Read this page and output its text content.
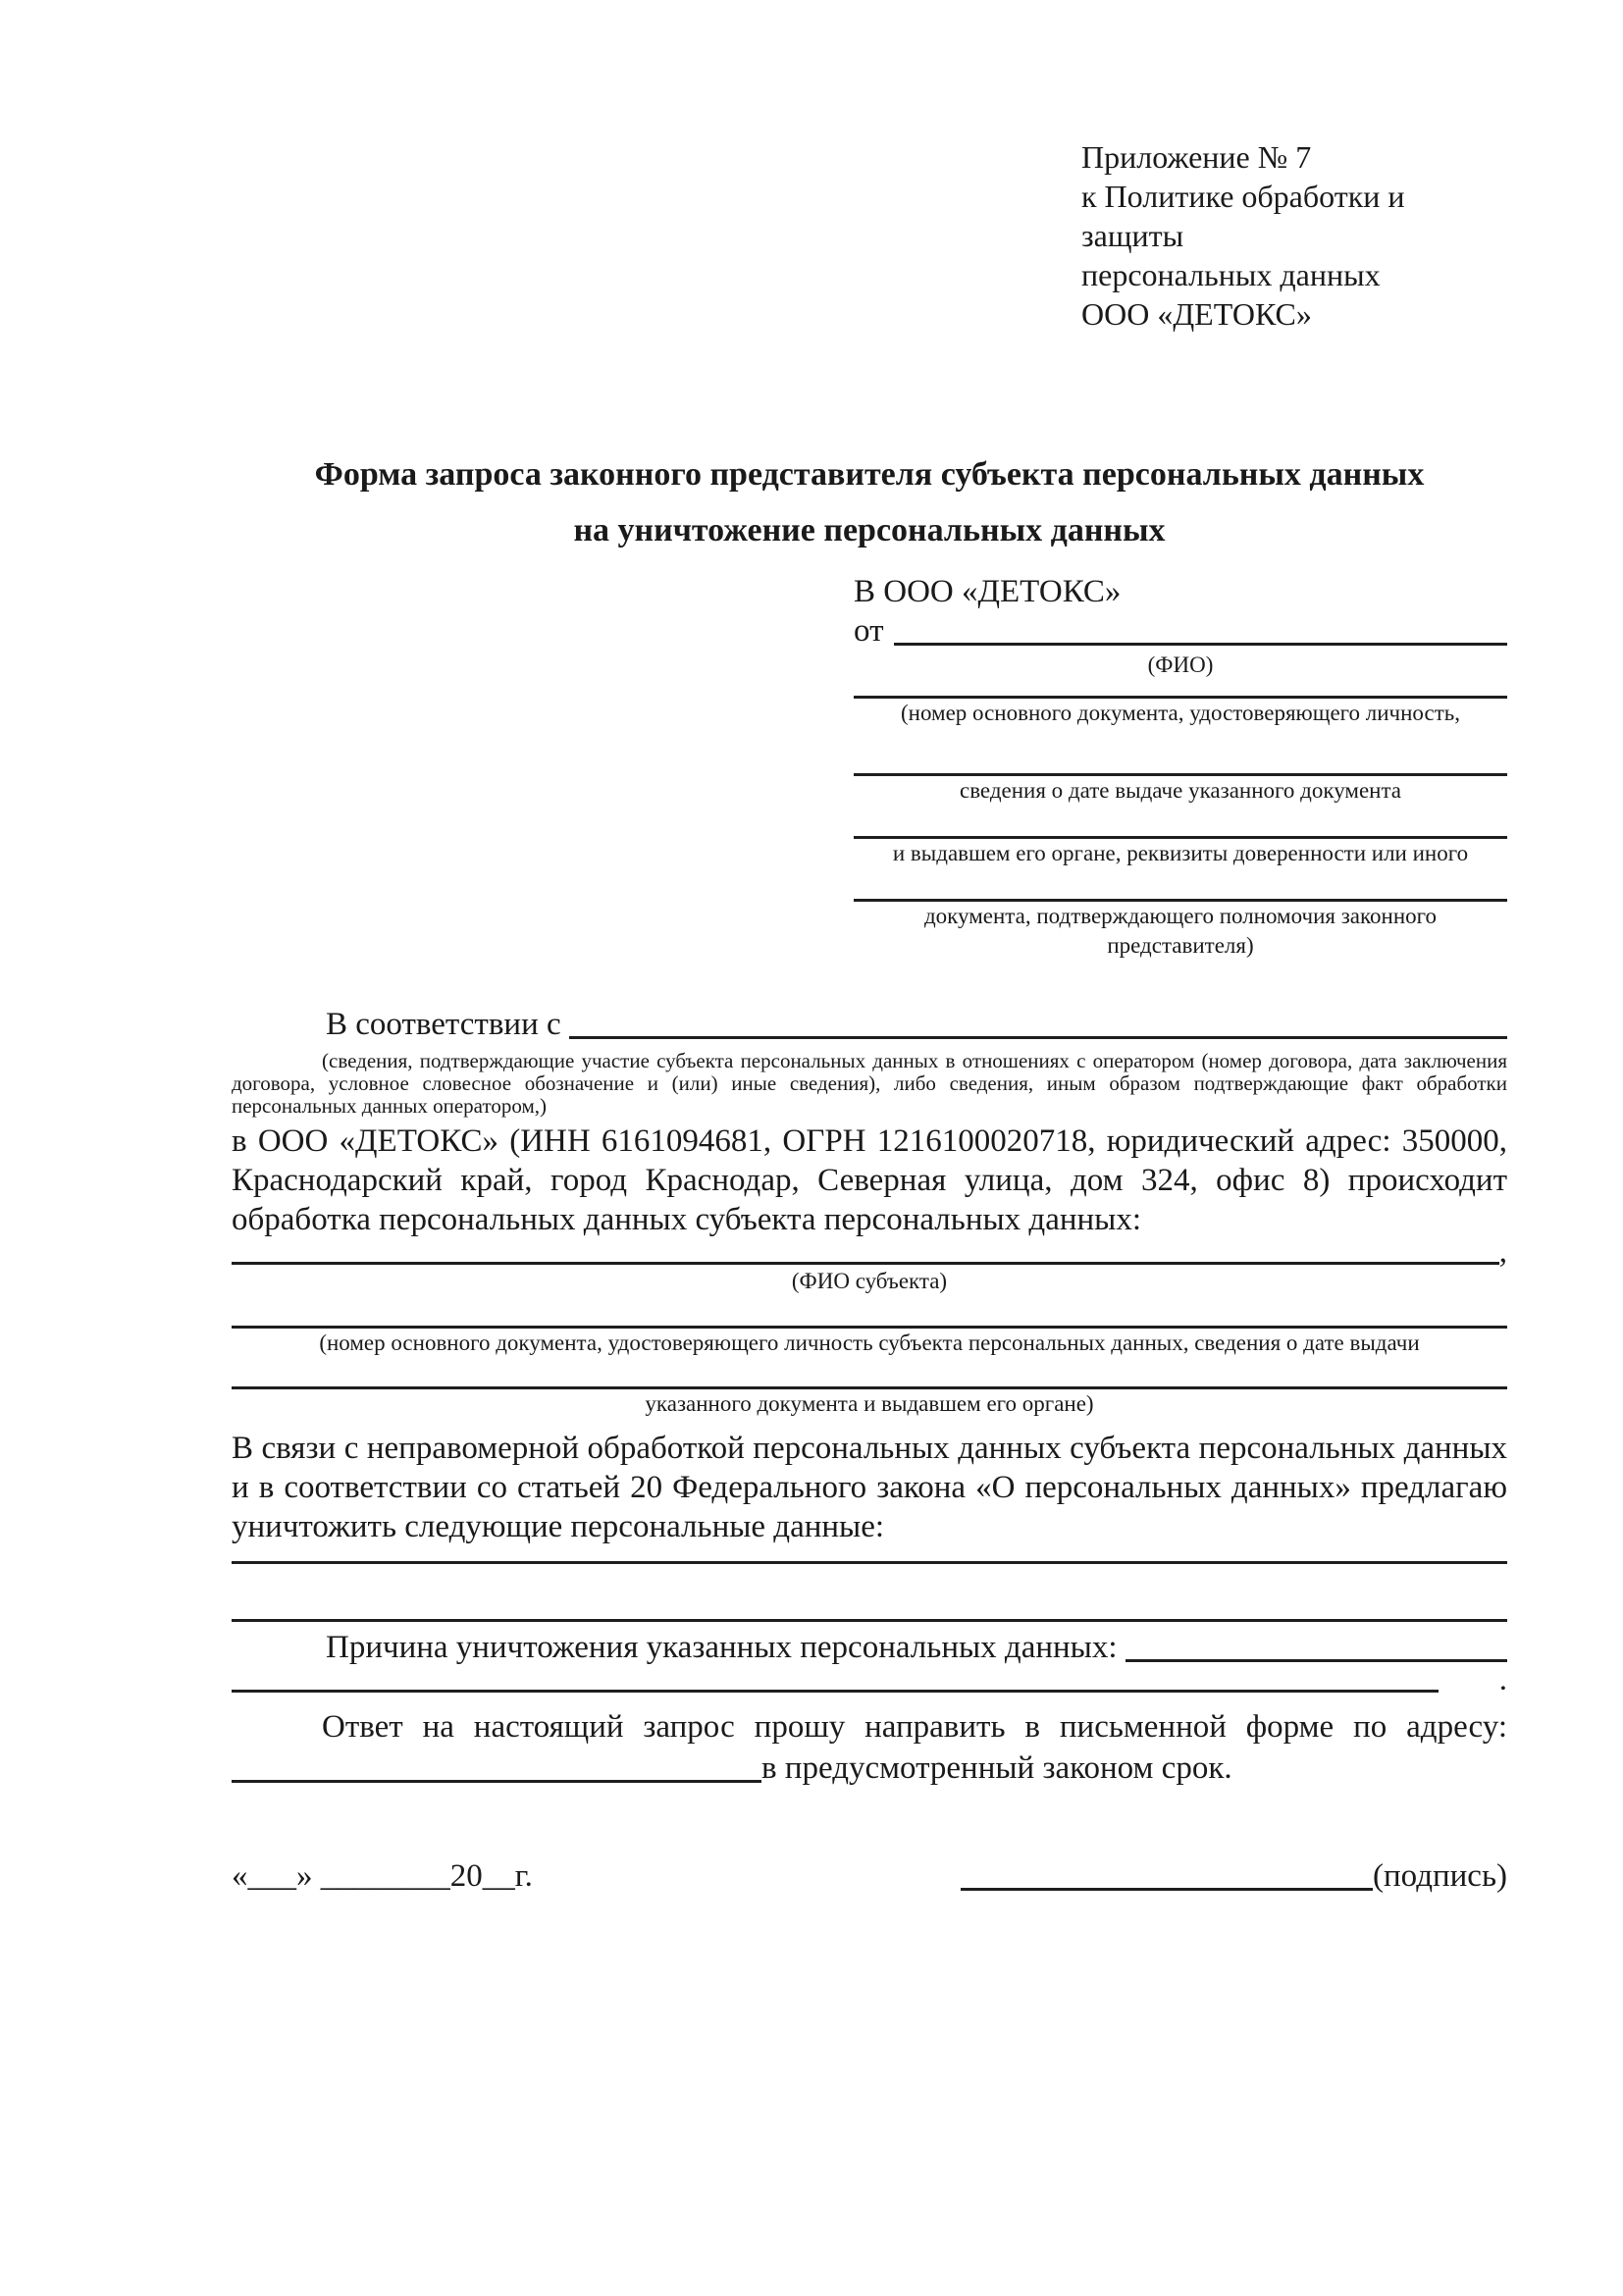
Приложение № 7
к Политике обработки и защиты
персональных данных
ООО «ДЕТОКС»
Форма запроса законного представителя субъекта персональных данных
на уничтожение персональных данных
В ООО «ДЕТОКС»
от
(ФИО)
(номер основного документа, удостоверяющего личность,
сведения о дате выдаче указанного документа
и выдавшем его органе, реквизиты доверенности или иного
документа, подтверждающего полномочия законного представителя)
В соответствии с
(сведения, подтверждающие участие субъекта персональных данных в отношениях с оператором (номер договора, дата заключения договора, условное словесное обозначение и (или) иные сведения), либо сведения, иным образом подтверждающие факт обработки персональных данных оператором,)

в ООО «ДЕТОКС» (ИНН 6161094681, ОГРН 1216100020718, юридический адрес: 350000, Краснодарский край, город Краснодар, Северная улица, дом 324, офис 8) происходит обработка персональных данных субъекта персональных данных:

,
(ФИО субъекта)
(номер основного документа, удостоверяющего личность субъекта персональных данных, сведения о дате выдачи
указанного документа и выдавшем его органе)

В связи с неправомерной обработкой персональных данных субъекта персональных данных и в соответствии со статьей 20 Федерального закона «О персональных данных» предлагаю уничтожить следующие персональные данные:

Причина уничтожения указанных персональных данных:
.

Ответ на настоящий запрос прошу направить в письменной форме по адресу:

в предусмотренный законом срок.
«___» ________20__г.	(подпись)
